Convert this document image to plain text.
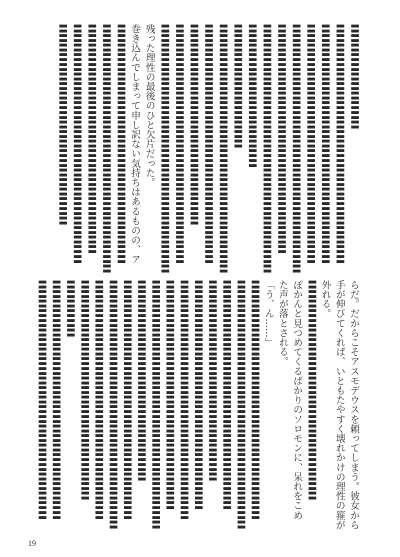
〓〓〓〓〓〓〓〓〓〓〓
〓〓〓〓〓〓〓〓〓〓〓〓〓〓〓〓〓〓〓〓〓〓〓〓〓
〓〓〓〓〓〓〓〓〓〓〓〓〓〓〓〓〓〓〓〓〓〓〓〓〓
〓〓〓〓〓〓〓〓〓〓〓〓〓〓〓〓〓〓〓〓〓〓〓〓〓
〓〓〓〓〓〓〓〓〓〓〓〓〓〓〓〓〓〓〓〓〓〓〓〓〓〓
〓〓〓〓〓〓〓〓〓〓〓〓〓〓〓〓〓〓〓〓〓〓〓〓
〓〓〓〓〓〓〓〓〓〓〓〓〓〓〓〓〓〓〓〓〓〓〓〓〓〓
〓〓〓〓〓〓〓〓〓〓〓〓〓〓〓
〓〓〓〓〓〓〓〓〓〓〓〓〓
〓〓〓〓〓〓〓〓〓〓〓〓〓〓〓〓〓〓〓〓〓〓〓〓〓〓
〓〓〓〓〓〓〓〓〓〓〓〓〓〓〓〓〓〓〓〓〓〓〓〓〓
〓〓〓〓〓〓〓〓〓〓〓〓〓〓〓〓〓〓〓〓〓
〓〓〓〓〓〓〓〓〓〓〓〓〓〓〓〓〓〓〓〓〓〓〓〓〓
〓〓〓〓〓〓〓〓〓〓〓〓〓〓〓〓〓〓〓〓〓〓〓〓〓〓
残った理性の最後のひと欠片だった。
巻き込んでしまって申し訳ない気持ちはあるものの、ア
〓〓〓〓〓〓〓〓〓〓〓〓〓〓〓〓〓〓〓〓〓〓〓〓〓
〓〓〓〓〓〓〓〓〓〓〓〓〓〓〓〓〓〓〓〓〓〓〓〓〓〓
〓〓〓〓〓〓〓〓〓〓〓〓〓〓〓〓〓〓〓〓〓〓〓〓
〓〓〓〓〓〓〓〓〓〓〓〓〓〓〓〓〓〓〓〓〓〓〓〓〓
〓〓〓〓〓〓〓〓〓〓〓〓〓〓〓〓〓〓〓〓〓
らだ。だからこそアスモデウスを頼ってしまう。彼女から
手が伸びてくれば、いともたやすく壊れかけの理性の箍が
外れる。
〓〓〓〓〓〓〓〓〓〓〓〓〓〓〓〓〓〓〓〓〓〓〓
ぽかんと見つめてくるばかりのソロモンに、呆れをこめ
た声が落とされる。
「う、ん……」
〓〓〓〓〓〓〓〓〓〓〓〓〓〓〓〓〓〓〓〓〓〓〓〓〓
〓〓〓〓〓〓〓〓〓〓〓〓〓〓〓〓〓〓〓〓〓〓〓〓〓〓
〓〓〓〓〓〓〓〓〓〓〓〓〓〓〓〓〓〓〓〓〓〓〓〓
〓〓〓〓〓〓〓〓〓〓〓〓〓〓〓〓〓〓〓〓〓
〓〓〓〓〓〓〓〓〓〓〓〓〓〓〓〓〓〓〓〓〓〓〓〓
〓〓〓〓〓〓〓〓〓〓〓〓〓〓〓〓〓〓〓〓〓〓〓〓〓
〓〓〓〓〓〓〓〓〓〓〓〓〓〓〓〓〓〓〓〓〓〓〓〓
〓〓〓〓〓〓〓〓〓〓〓〓〓〓〓〓〓〓〓〓〓〓〓〓〓〓
〓〓〓〓〓〓〓〓〓〓〓〓〓〓〓〓〓〓〓〓〓
〓〓〓〓〓〓〓〓〓〓〓〓〓〓〓〓〓〓〓〓〓〓〓〓〓
〓〓〓〓〓〓〓〓〓〓〓〓〓〓〓〓〓〓〓〓〓〓〓〓〓〓
〓〓〓〓〓〓〓〓〓〓〓〓〓〓〓〓〓〓〓〓〓〓〓〓〓
〓〓〓〓〓〓〓〓〓〓〓〓〓〓〓〓〓〓〓〓〓〓〓
〓〓〓〓〓〓
〓〓〓〓〓〓〓〓〓〓〓〓〓〓〓〓〓〓〓〓〓〓〓〓〓
〓〓〓〓〓〓〓〓〓〓〓〓〓〓〓〓〓〓〓〓〓〓〓〓〓
19
